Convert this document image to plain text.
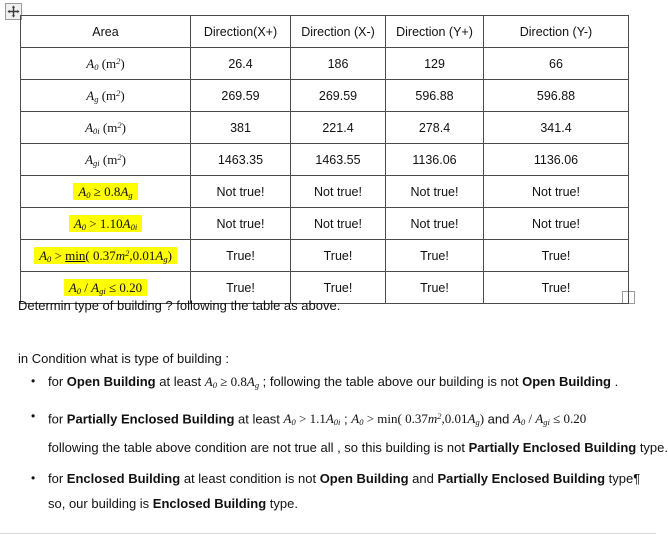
Area	Direction(X+)	Direction (X-)	Direction (Y+)	Direction (Y-)
$A_0$ $(m^2)$	26.4	186	129	66
$A_g$ $(m^2)$	269.59	269.59	596.88	596.88
$A_{0i}$ $(m^2)$	381	221.4	278.4	341.4
$A_{gi}$ $(m^2)$	1463.35	1463.55	1136.06	1136.06
$A_0 \ge 0.8A_g$	Not true!	Not true!	Not true!	Not true!
$A_0 > 1.10A_{0i}$	Not true!	Not true!	Not true!	Not true!
$A_0 > \min$( $0.37m^2,0.01A_g$)	True!	True!	True!	True!
$A_0 / A_{gi} \le 0.20$	True!	True!	True!	True!
Determin type of building ? following the table as above.
in Condition what is type of building :
• for Open Building at least $A_0 \ge 0.8A_g$ ; following the table above our building is not Open Building .
• for Partially Enclosed Building at least $A_0 > 1.1A_{0i}$ ; $A_0 > \min$( $0.37m^2,0.01A_g$) and $A_0 / A_{gi} \le 0.20$
following the table above condition are not true all , so this building is not Partially Enclosed Building type.
• for Enclosed Building at least condition is not Open Building and Partially Enclosed Building type¶
so, our building is Enclosed Building type.
